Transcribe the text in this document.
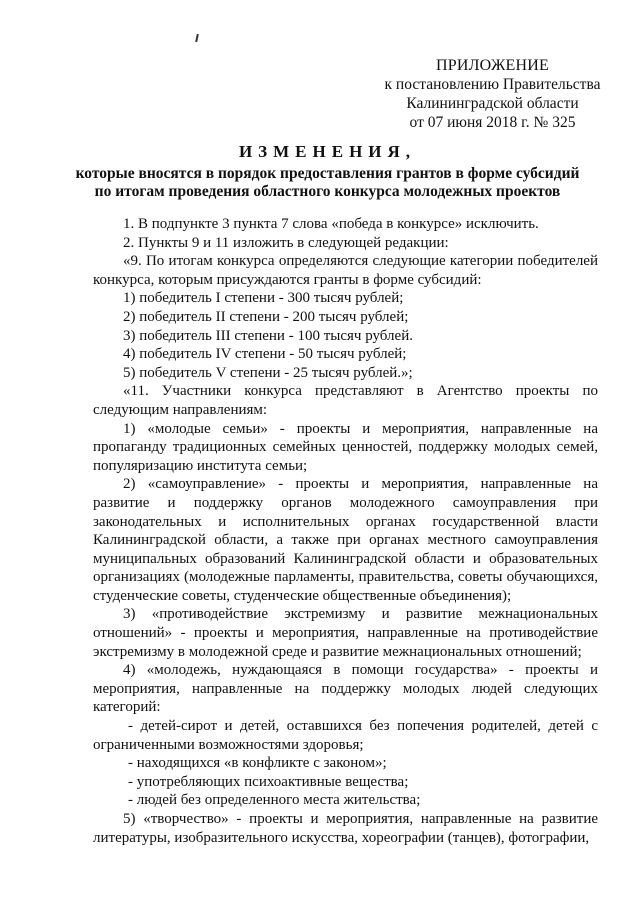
ПРИЛОЖЕНИЕ
к постановлению Правительства
Калининградской области
от 07 июня 2018 г. № 325
ИЗМЕНЕНИЯ,
которые вносятся в порядок предоставления грантов в форме субсидий
по итогам проведения областного конкурса молодежных проектов

1. В подпункте 3 пункта 7 слова «победа в конкурсе» исключить.

2. Пункты 9 и 11 изложить в следующей редакции:

«9. По итогам конкурса определяются следующие категории победителей конкурса, которым присуждаются гранты в форме субсидий:

1) победитель I степени - 300 тысяч рублей;

2) победитель II степени - 200 тысяч рублей;

3) победитель III степени - 100 тысяч рублей.

4) победитель IV степени - 50 тысяч рублей;

5) победитель V степени - 25 тысяч рублей.»;

«11. Участники конкурса представляют в Агентство проекты по следующим направлениям:

1) «молодые семьи» - проекты и мероприятия, направленные на пропаганду традиционных семейных ценностей, поддержку молодых семей, популяризацию института семьи;

2) «самоуправление» - проекты и мероприятия, направленные на развитие и поддержку органов молодежного самоуправления при законодательных и исполнительных органах государственной власти Калининградской области, а также при органах местного самоуправления муниципальных образований Калининградской области и образовательных организациях (молодежные парламенты, правительства, советы обучающихся, студенческие советы, студенческие общественные объединения);

3) «противодействие экстремизму и развитие межнациональных отношений» - проекты и мероприятия, направленные на противодействие экстремизму в молодежной среде и развитие межнациональных отношений;

4) «молодежь, нуждающаяся в помощи государства» - проекты и мероприятия, направленные на поддержку молодых людей следующих категорий:

- детей-сирот и детей, оставшихся без попечения родителей, детей с ограниченными возможностями здоровья;

- находящихся «в конфликте с законом»;

- употребляющих психоактивные вещества;

- людей без определенного места жительства;

5) «творчество» - проекты и мероприятия, направленные на развитие литературы, изобразительного искусства, хореографии (танцев), фотографии,
